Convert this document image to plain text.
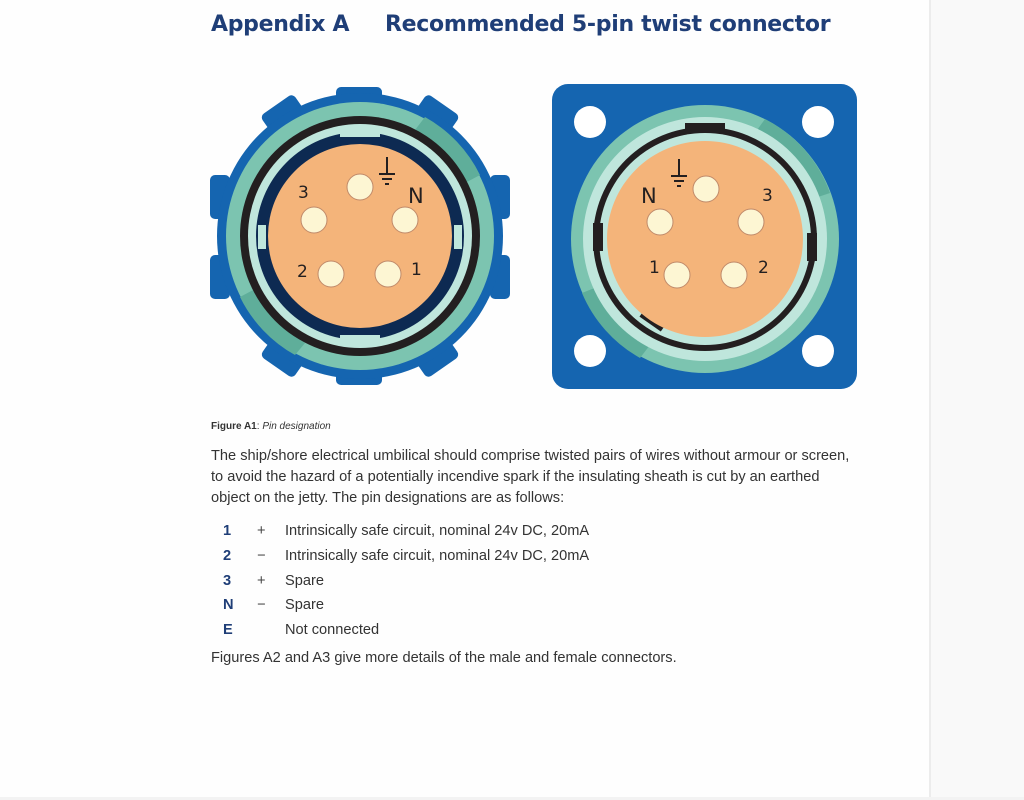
Appendix A Recommended 5-pin twist connector
3	N
2	1
N	3
1	2
Figure A1: Pin designation
The ship/shore electrical umbilical should comprise twisted pairs of wires without armour or screen, to avoid the hazard of a potentially incendive spark if the insulating sheath is cut by an earthed object on the jetty. The pin designations are as follows:
1 + Intrinsically safe circuit, nominal 24v DC, 20mA
2 − Intrinsically safe circuit, nominal 24v DC, 20mA
3 + Spare
N − Spare
E	Not connected
Figures A2 and A3 give more details of the male and female connectors.
